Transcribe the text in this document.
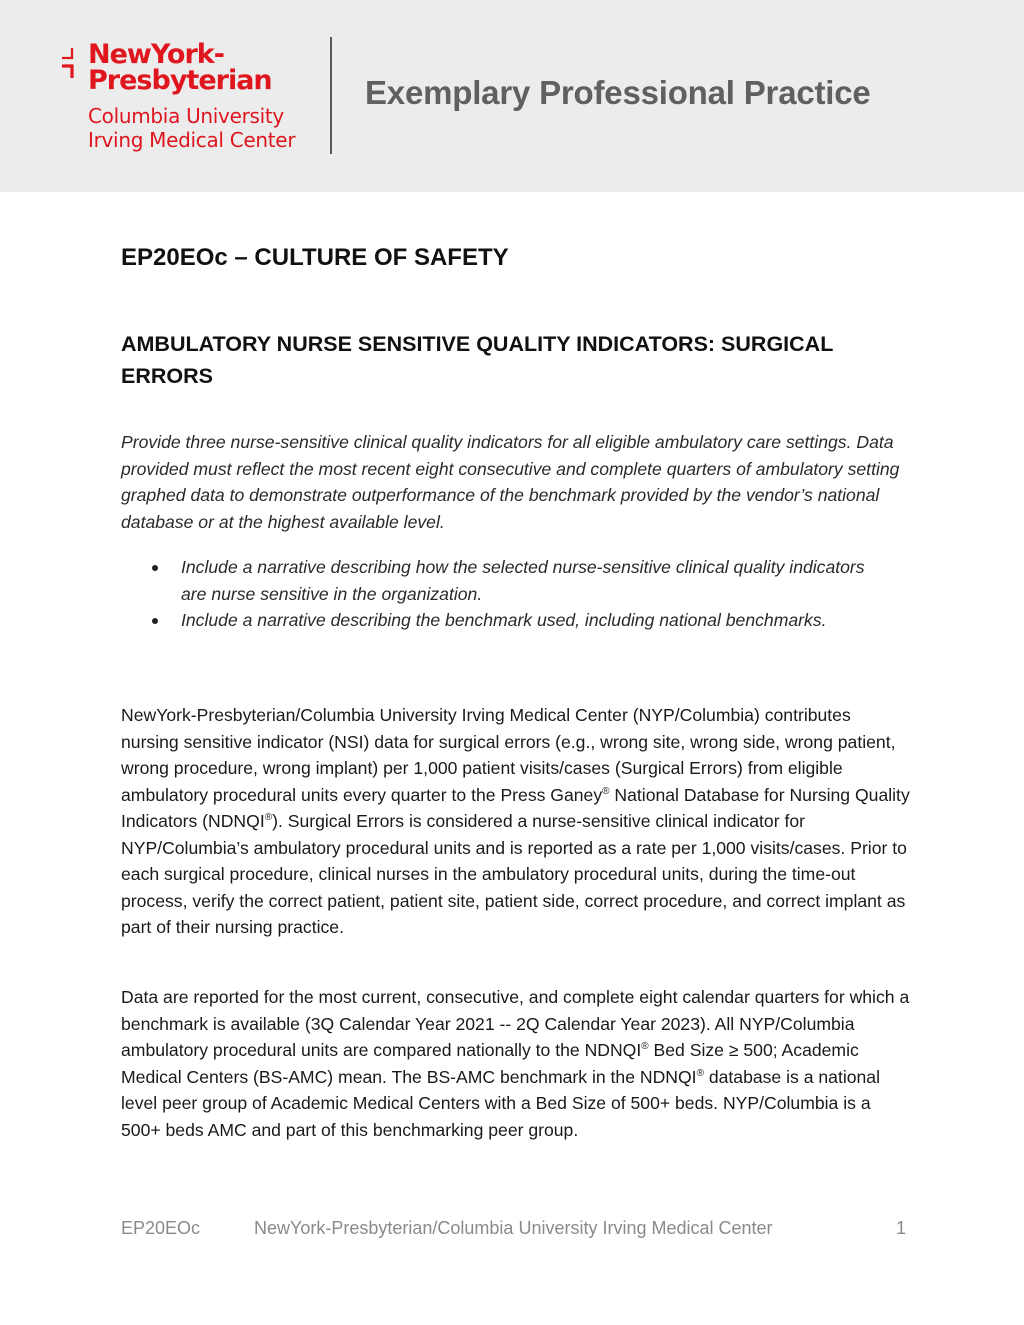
NewYork-
Presbyterian
Columbia University
Irving Medical Center
Exemplary Professional Practice
EP20EOc – CULTURE OF SAFETY
AMBULATORY NURSE SENSITIVE QUALITY INDICATORS: SURGICAL ERRORS

Provide three nurse-sensitive clinical quality indicators for all eligible ambulatory care settings. Data provided must reflect the most recent eight consecutive and complete quarters of ambulatory setting graphed data to demonstrate outperformance of the benchmark provided by the vendor’s national database or at the highest available level.

Include a narrative describing how the selected nurse-sensitive clinical quality indicators are nurse sensitive in the organization.
Include a narrative describing the benchmark used, including national benchmarks.

NewYork-Presbyterian/Columbia University Irving Medical Center (NYP/Columbia) contributes nursing sensitive indicator (NSI) data for surgical errors (e.g., wrong site, wrong side, wrong patient, wrong procedure, wrong implant) per 1,000 patient visits/cases (Surgical Errors) from eligible ambulatory procedural units every quarter to the Press Ganey® National Database for Nursing Quality Indicators (NDNQI®). Surgical Errors is considered a nurse-sensitive clinical indicator for NYP/Columbia’s ambulatory procedural units and is reported as a rate per 1,000 visits/cases. Prior to each surgical procedure, clinical nurses in the ambulatory procedural units, during the time-out process, verify the correct patient, patient site, patient side, correct procedure, and correct implant as part of their nursing practice.

Data are reported for the most current, consecutive, and complete eight calendar quarters for which a benchmark is available (3Q Calendar Year 2021 -- 2Q Calendar Year 2023). All NYP/Columbia ambulatory procedural units are compared nationally to the NDNQI® Bed Size ≥ 500; Academic Medical Centers (BS-AMC) mean. The BS-AMC benchmark in the NDNQI® database is a national level peer group of Academic Medical Centers with a Bed Size of 500+ beds. NYP/Columbia is a 500+ beds AMC and part of this benchmarking peer group.

EP20EOc	NewYork-Presbyterian/Columbia University Irving Medical Center	1
